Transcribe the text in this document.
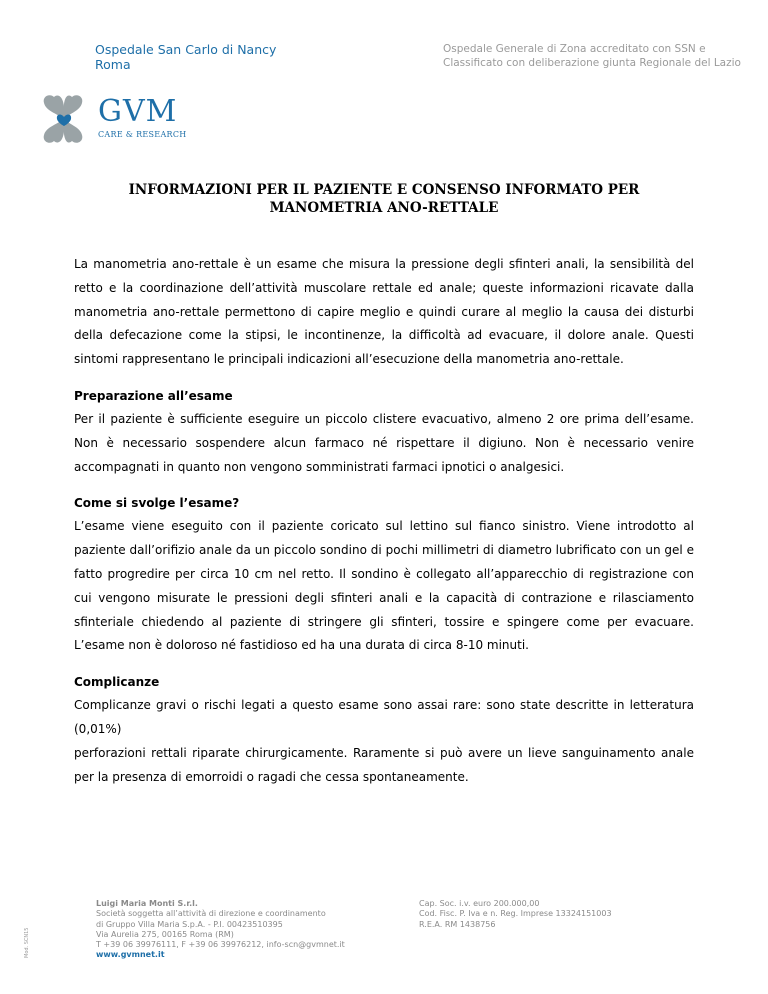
Ospedale San Carlo di Nancy
Roma
Ospedale Generale di Zona accreditato con SSN e
Classificato con deliberazione giunta Regionale del Lazio
GVM
CARE & RESEARCH
INFORMAZIONI PER IL PAZIENTE E CONSENSO INFORMATO PER
MANOMETRIA ANO-RETTALE

La manometria ano-rettale è un esame che misura la pressione degli sfinteri anali, la sensibilità del retto e la coordinazione dell’attività muscolare rettale ed anale; queste informazioni ricavate dalla manometria ano-rettale permettono di capire meglio e quindi curare al meglio la causa dei disturbi della defecazione come la stipsi, le incontinenze, la difficoltà ad evacuare, il dolore anale. Questi sintomi rappresentano le principali indicazioni all’esecuzione della manometria ano-rettale.

Preparazione all’esame

Per il paziente è sufficiente eseguire un piccolo clistere evacuativo, almeno 2 ore prima dell’esame. Non è necessario sospendere alcun farmaco né rispettare il digiuno. Non è necessario venire accompagnati in quanto non vengono somministrati farmaci ipnotici o analgesici.

Come si svolge l’esame?

L’esame viene eseguito con il paziente coricato sul lettino sul fianco sinistro. Viene introdotto al paziente dall’orifizio anale da un piccolo sondino di pochi millimetri di diametro lubrificato con un gel e fatto progredire per circa 10 cm nel retto. Il sondino è collegato all’apparecchio di registrazione con cui vengono misurate le pressioni degli sfinteri anali e la capacità di contrazione e rilasciamento sfinteriale chiedendo al paziente di stringere gli sfinteri, tossire e spingere come per evacuare. L’esame non è doloroso né fastidioso ed ha una durata di circa 8-10 minuti.

Complicanze

Complicanze gravi o rischi legati a questo esame sono assai rare: sono state descritte in letteratura (0,01%)

perforazioni rettali riparate chirurgicamente. Raramente si può avere un lieve sanguinamento anale per la presenza di emorroidi o ragadi che cessa spontaneamente.

Mod. SCN15
Luigi Maria Monti S.r.l.
Società soggetta all’attività di direzione e coordinamento
di Gruppo Villa Maria S.p.A. - P.I. 00423510395
Via Aurelia 275, 00165 Roma (RM)
T +39 06 39976111, F +39 06 39976212, info-scn@gvmnet.it
www.gvmnet.it
Cap. Soc. i.v. euro 200.000,00
Cod. Fisc. P. Iva e n. Reg. Imprese 13324151003
R.E.A. RM 1438756
